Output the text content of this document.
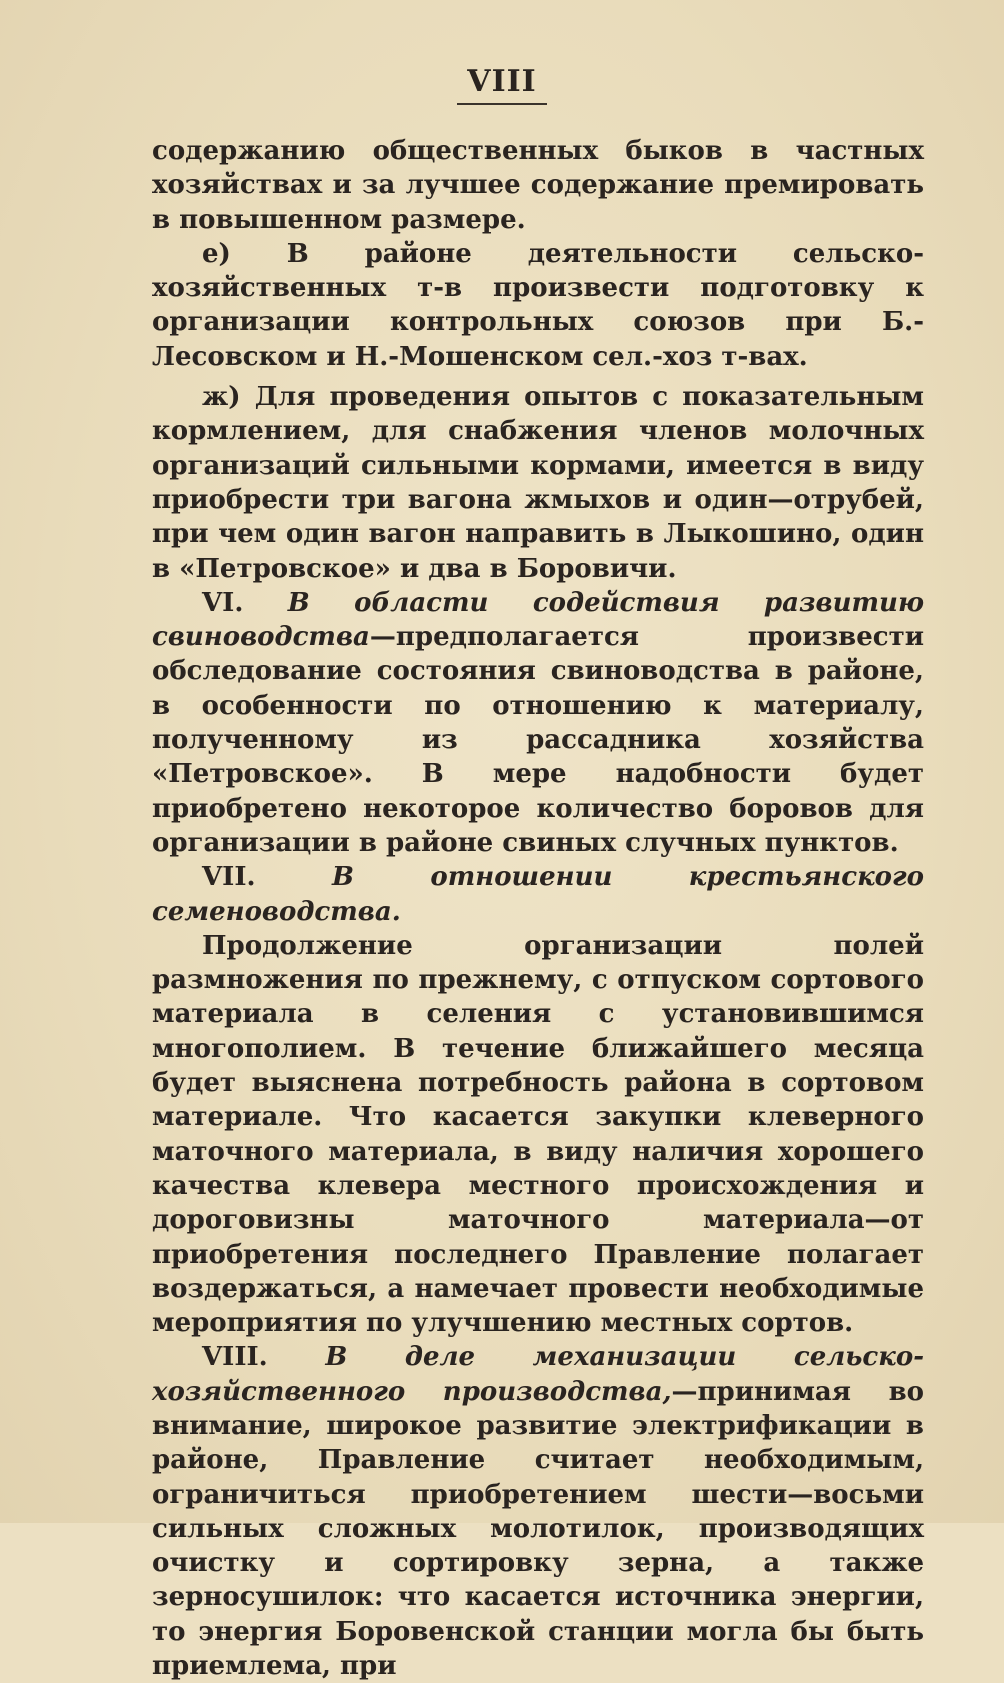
VIII

содержанию общественных быков в частных хозяйствах и за лучшее содержание премировать в повышенном размере.

е) В районе деятельности сельско-хозяйственных т-в произвести подготовку к организации контрольных союзов при Б.-Лесовском и Н.-Мошенском сел.-хоз т-вах.

ж) Для проведения опытов с показательным кормлением, для снабжения членов молочных организаций сильными кормами, имеется в виду приобрести три вагона жмыхов и один—отрубей, при чем один вагон направить в Лыкошино, один в «Петровское» и два в Боровичи.

VI. В области содействия развитию свиноводства—предполагается произвести обследование состояния свиноводства в районе, в особенности по отношению к материалу, полученному из рассадника хозяйства «Петровское». В мере надобности будет приобретено некоторое количество боровов для организации в районе свиных случных пунктов.

VII.	В отношении крестьянского семеноводства.

Продолжение организации полей размножения по прежнему, с отпуском сортового материала в селения с установившимся многополием. В течение ближайшего месяца будет выяснена потребность района в сортовом материале. Что касается закупки клеверного маточного материала, в виду наличия хорошего качества клевера местного происхождения и дороговизны маточного материала—от приобретения последнего Правление полагает воздержаться, а намечает провести необходимые мероприятия по улучшению местных сортов.

VIII. В деле механизации сельско-хозяйственного производства,—принимая во внимание, широкое развитие электрификации в районе, Правление считает необходимым, ограничиться приобретением шести—восьми сильных сложных молотилок, производящих очистку и сортировку зерна, а также зерносушилок: что касается источника энергии, то энергия Боровенской станции могла бы быть приемлема, при
